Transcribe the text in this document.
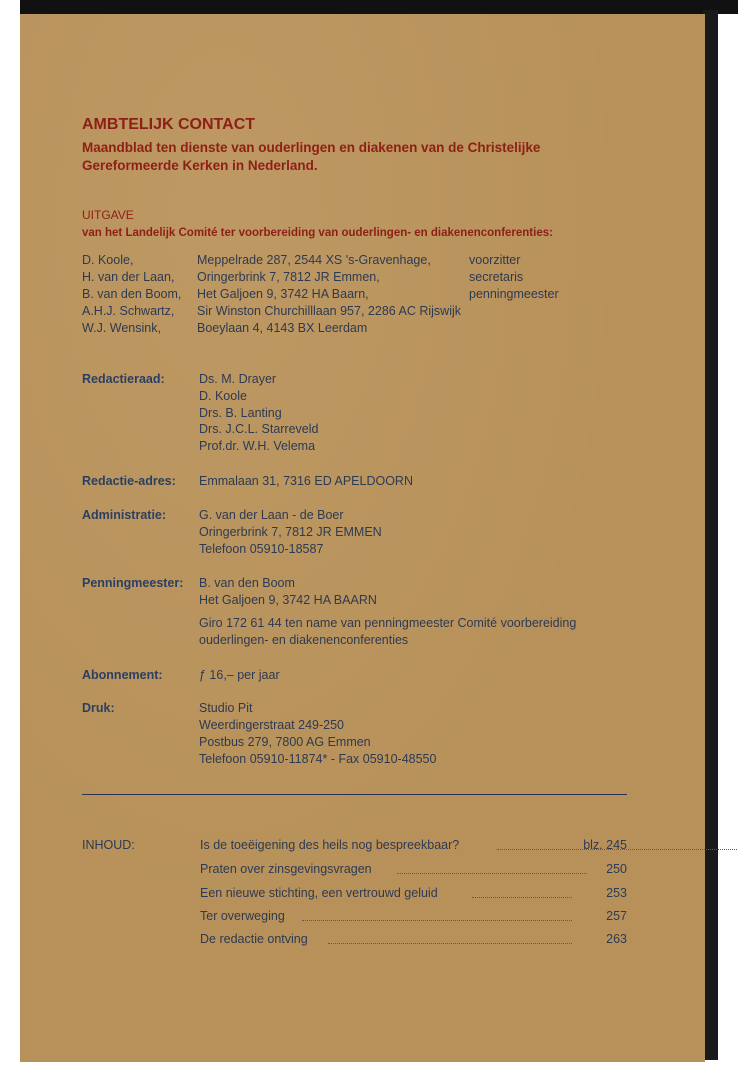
AMBTELIJK CONTACT
Maandblad ten dienste van ouderlingen en diakenen van de Christelijke
Gereformeerde Kerken in Nederland.
UITGAVE
van het Landelijk Comité ter voorbereiding van ouderlingen- en diakenenconferenties:
D. Koole,	Meppelrade 287, 2544 XS 's-Gravenhage,	voorzitter
H. van der Laan, Oringerbrink 7, 7812 JR Emmen,	secretaris
B. van den Boom, Het Galjoen 9, 3742 HA Baarn,	penningmeester
A.H.J. Schwartz, Sir Winston Churchilllaan 957, 2286 AC Rijswijk
W.J. Wensink,	Boeylaan 4, 4143 BX Leerdam
Redactieraad:	Ds. M. Drayer
D. Koole
Drs. B. Lanting
Drs. J.C.L. Starreveld
Prof.dr. W.H. Velema
Redactie-adres: Emmalaan 31, 7316 ED APELDOORN
Administratie:	G. van der Laan - de Boer
Oringerbrink 7, 7812 JR EMMEN
Telefoon 05910-18587
Penningmeester: B. van den Boom
Het Galjoen 9, 3742 HA BAARN
Giro 172 61 44 ten name van penningmeester Comité voorbereiding
ouderlingen- en diakenenconferenties
Abonnement:	ƒ 16,– per jaar
Druk:	Studio Pit
Weerdingerstraat 249-250
Postbus 279, 7800 AG Emmen
Telefoon 05910-11874* - Fax 05910-48550
INHOUD:	Is de toeëigening des heils nog bespreekbaar?	blz. 245
Praten over zinsgevingsvragen	250
Een nieuwe stichting, een vertrouwd geluid	253
Ter overweging	257
De redactie ontving	263
